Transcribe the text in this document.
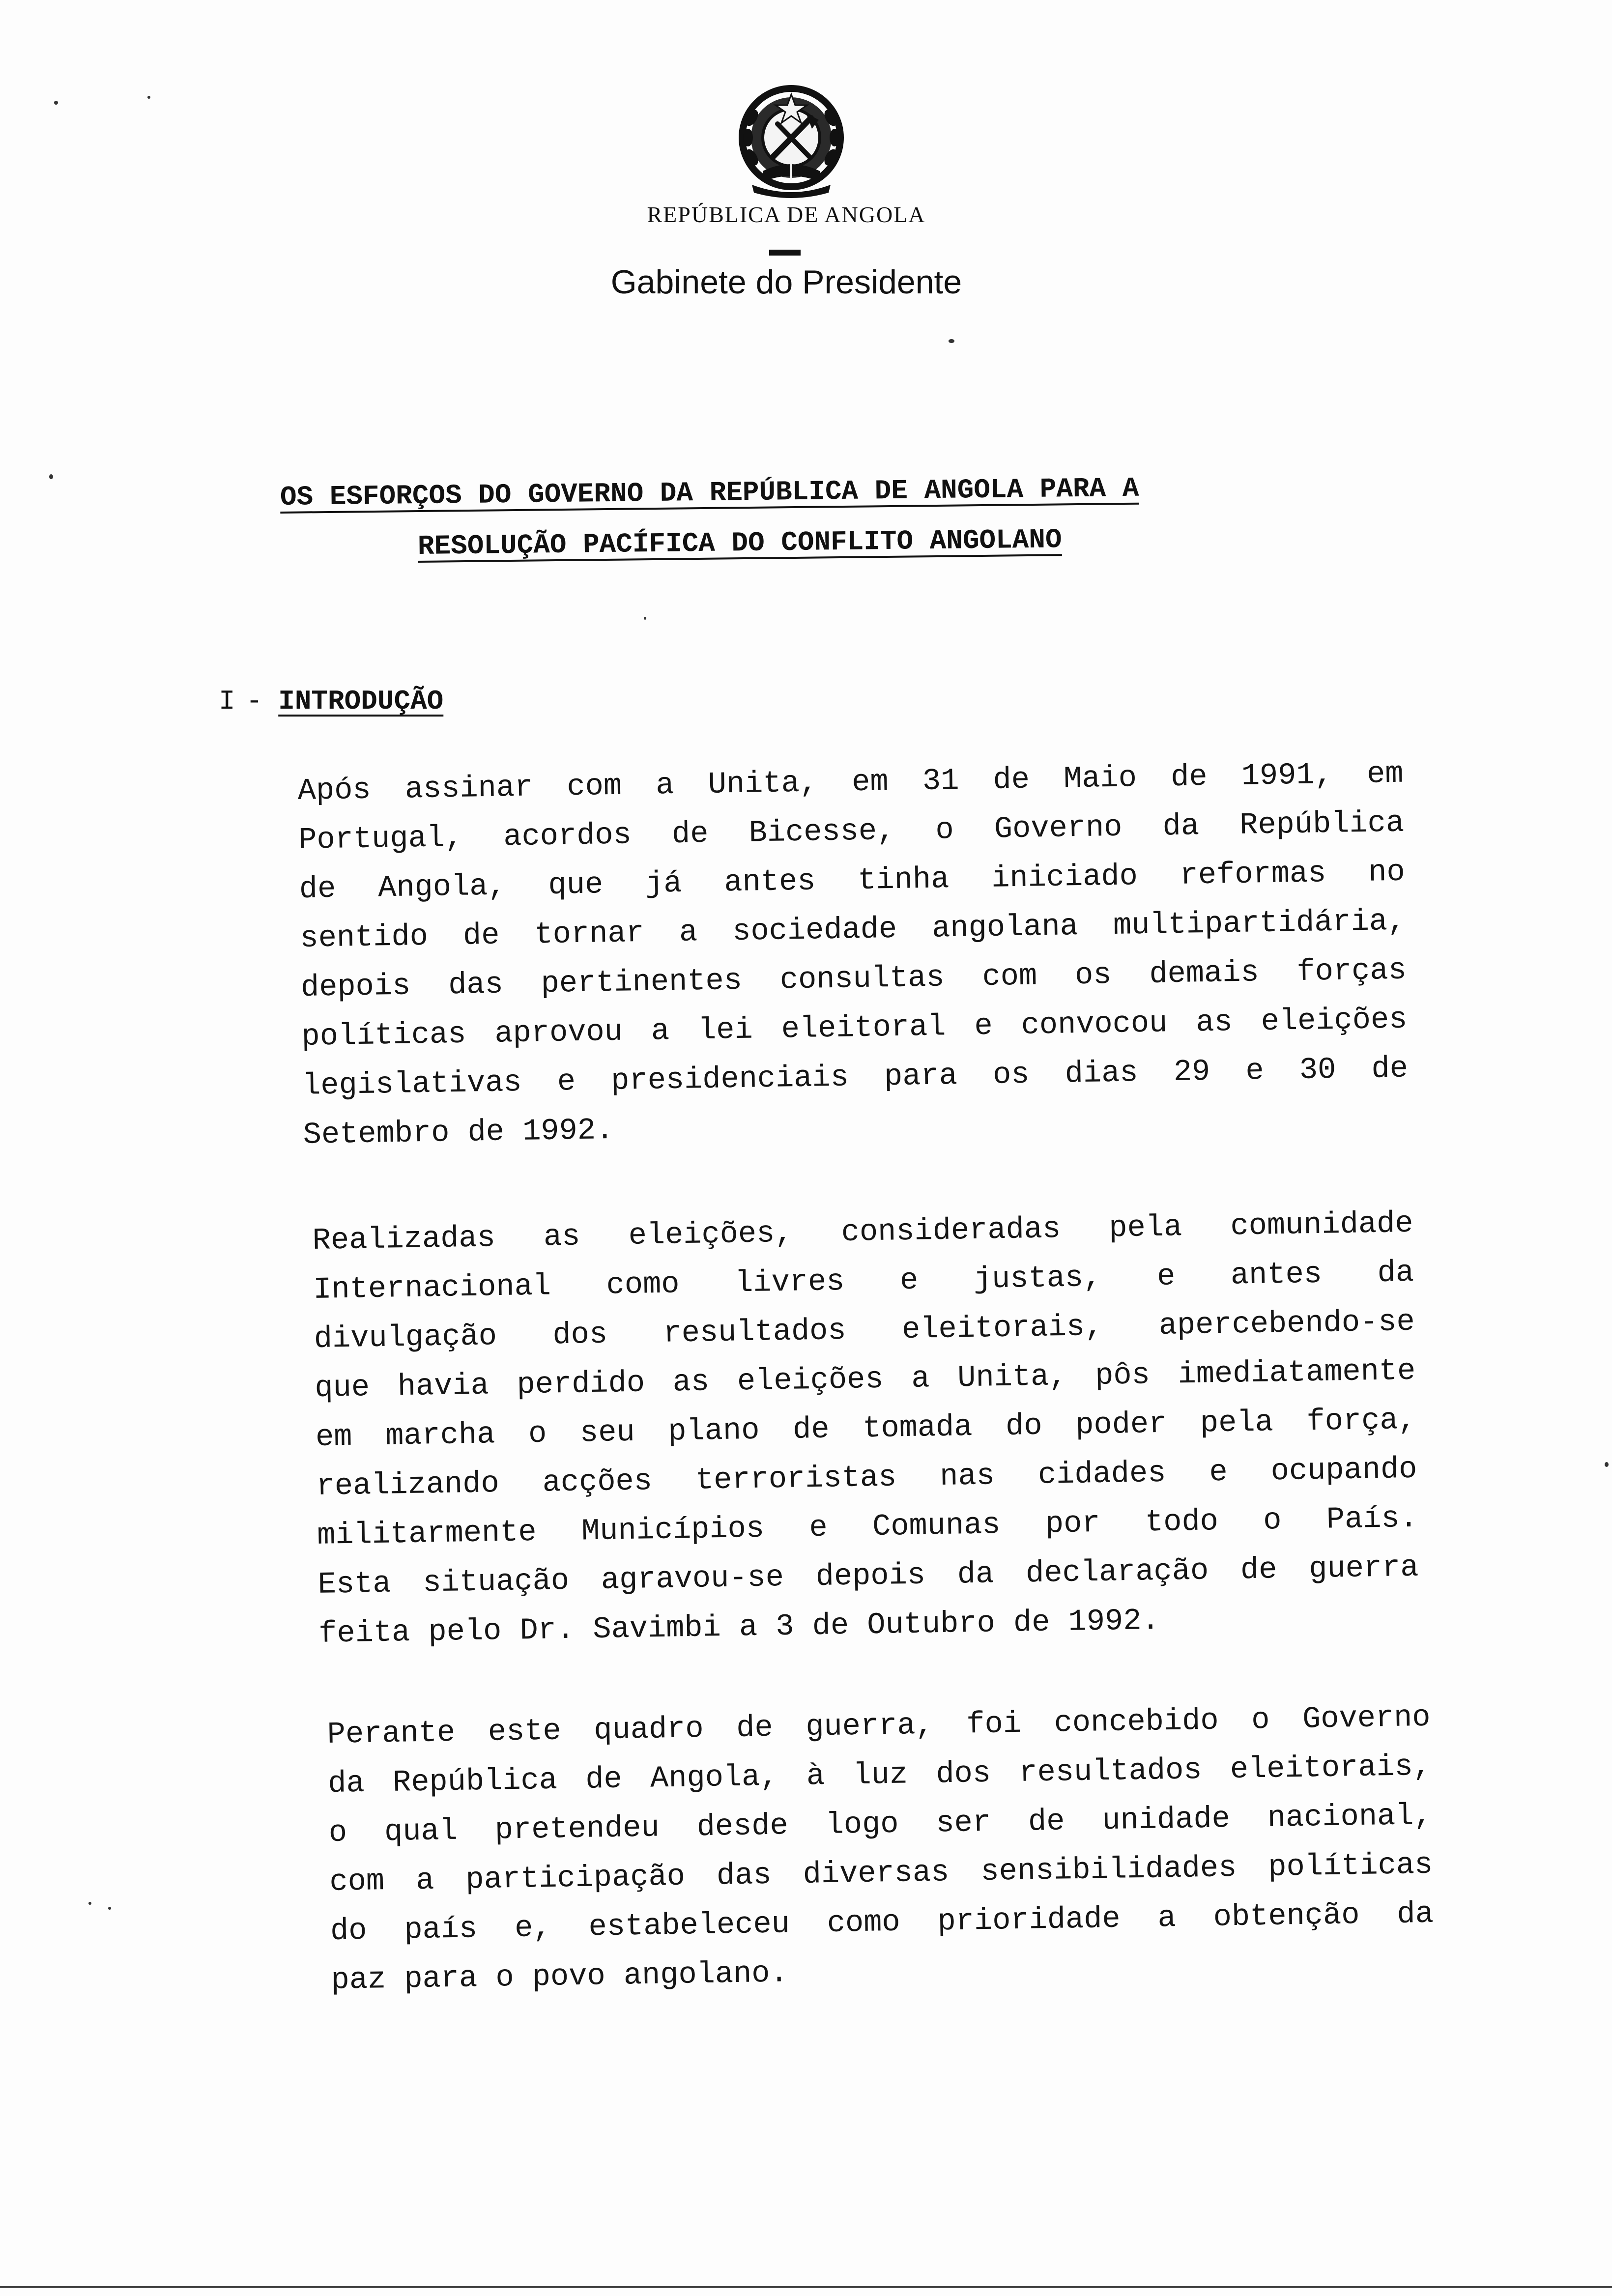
REPÚBLICA DE ANGOLA
Gabinete do Presidente
OS ESFORÇOS DO GOVERNO DA REPÚBLICA DE ANGOLA PARA A
RESOLUÇÃO PACÍFICA DO CONFLITO ANGOLANO
I - INTRODUÇÃO
Após assinar com a Unita, em 31 de Maio de 1991, em
Portugal, acordos de Bicesse, o Governo da República
de Angola, que já antes tinha iniciado reformas no
sentido de tornar a sociedade angolana multipartidária,
depois das pertinentes consultas com os demais forças
políticas aprovou a lei eleitoral e convocou as eleições
legislativas e presidenciais para os dias 29 e 30 de
Setembro de 1992.
Realizadas as eleições, consideradas pela comunidade
Internacional como livres e justas, e antes da
divulgação dos resultados eleitorais, apercebendo-se
que havia perdido as eleições a Unita, pôs imediatamente
em marcha o seu plano de tomada do poder pela força,
realizando acções terroristas nas cidades e ocupando
militarmente Municípios e Comunas por todo o País.
Esta situação agravou-se depois da declaração de guerra
feita pelo Dr. Savimbi a 3 de Outubro de 1992.
Perante este quadro de guerra, foi concebido o Governo
da República de Angola, à luz dos resultados eleitorais,
o qual pretendeu desde logo ser de unidade nacional,
com a participação das diversas sensibilidades políticas
do país e, estabeleceu como prioridade a obtenção da
paz para o povo angolano.
